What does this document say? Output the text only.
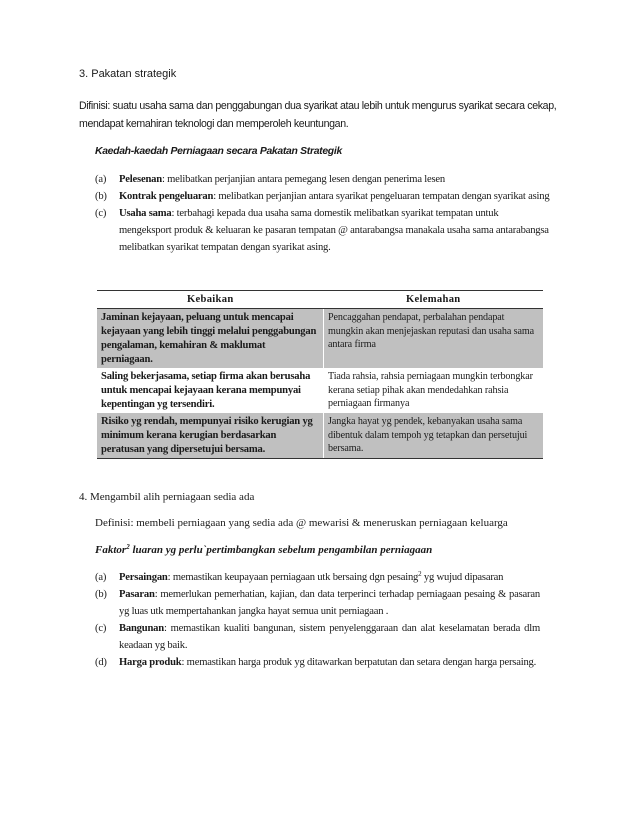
3. Pakatan strategik
Difinisi: suatu usaha sama dan penggabungan dua syarikat atau lebih untuk mengurus syarikat secara cekap, mendapat kemahiran teknologi dan memperoleh keuntungan.
Kaedah-kaedah Perniagaan secara Pakatan Strategik
(a) Pelesenan: melibatkan perjanjian antara pemegang lesen dengan penerima lesen
(b) Kontrak pengeluaran: melibatkan perjanjian antara syarikat pengeluaran tempatan dengan syarikat asing
(c) Usaha sama: terbahagi kepada dua usaha sama domestik melibatkan syarikat tempatan untuk mengeksport produk & keluaran ke pasaran tempatan @ antarabangsa manakala usaha sama antarabangsa melibatkan syarikat tempatan dengan syarikat asing.
Kebaikan	Kelemahan
Jaminan kejayaan, peluang untuk mencapai kejayaan yang lebih tinggi melalui penggabungan pengalaman, kemahiran & maklumat perniagaan.	Pencaggahan pendapat, perbalahan pendapat mungkin akan menjejaskan reputasi dan usaha sama antara firma
Saling bekerjasama, setiap firma akan berusaha untuk mencapai kejayaan kerana mempunyai kepentingan yg tersendiri.	Tiada rahsia, rahsia perniagaan mungkin terbongkar kerana setiap pihak akan mendedahkan rahsia perniagaan firmanya
Risiko yg rendah, mempunyai risiko kerugian yg minimum kerana kerugian berdasarkan peratusan yang dipersetujui bersama.	Jangka hayat yg pendek, kebanyakan usaha sama dibentuk dalam tempoh yg tetapkan dan persetujui bersama.
4. Mengambil alih perniagaan sedia ada
Definisi: membeli perniagaan yang sedia ada @ mewarisi & meneruskan perniagaan keluarga
Faktor$^2$ luaran yg perlu`pertimbangkan sebelum pengambilan perniagaan
(a) Persaingan: memastikan keupayaan perniagaan utk bersaing dgn pesaing$^2$ yg wujud dipasaran
(b) Pasaran: memerlukan pemerhatian, kajian, dan data terperinci terhadap perniagaan pesaing & pasaran yg luas utk mempertahankan jangka hayat semua unit perniagaan .
(c) Bangunan: memastikan kualiti bangunan, sistem penyelenggaraan dan alat keselamatan berada dlm keadaan yg baik.
(d) Harga produk: memastikan harga produk yg ditawarkan berpatutan dan setara dengan harga persaing.
